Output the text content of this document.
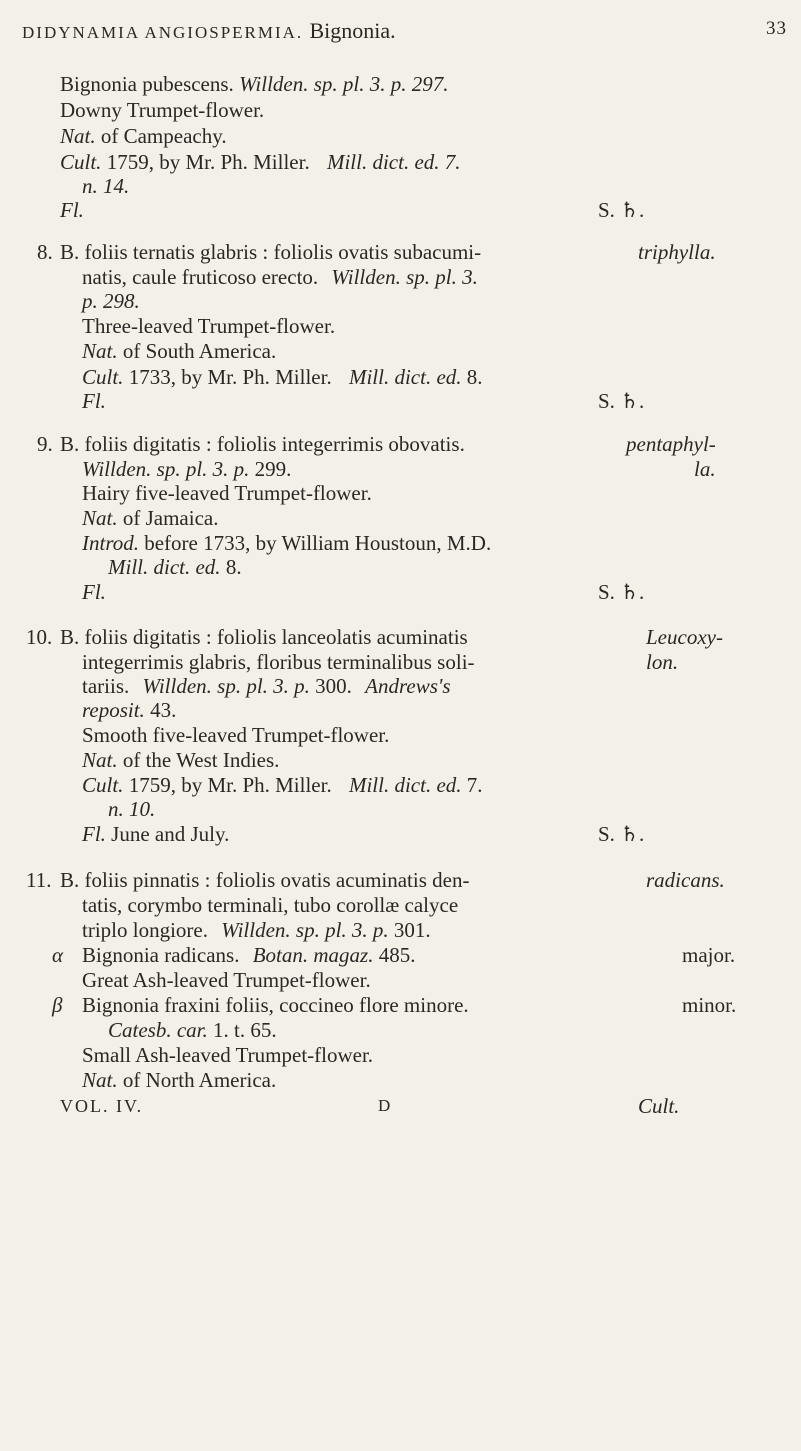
DIDYNAMIA ANGIOSPERMIA. Bignonia.	33
Bignonia pubescens. Willden. sp. pl. 3. p. 297.
Downy Trumpet-flower.
Nat. of Campeachy.
Cult. 1759, by Mr. Ph. Miller. Mill. dict. ed. 7.
n. 14.
Fl.	S. ♄.
8. B. foliis ternatis glabris : foliolis ovatis subacumi-	triphylla.
natis, caule fruticoso erecto. Willden. sp. pl. 3.
p. 298.
Three-leaved Trumpet-flower.
Nat. of South America.
Cult. 1733, by Mr. Ph. Miller. Mill. dict. ed. 8.
Fl.	S. ♄.
9. B. foliis digitatis : foliolis integerrimis obovatis.	pentaphyl-
Willden. sp. pl. 3. p. 299.	la.
Hairy five-leaved Trumpet-flower.
Nat. of Jamaica.
Introd. before 1733, by William Houstoun, M.D.
Mill. dict. ed. 8.
Fl.	S. ♄.
10. B. foliis digitatis : foliolis lanceolatis acuminatis	Leucoxy-
integerrimis glabris, floribus terminalibus soli-	lon.
tariis. Willden. sp. pl. 3. p. 300. Andrews's
reposit. 43.
Smooth five-leaved Trumpet-flower.
Nat. of the West Indies.
Cult. 1759, by Mr. Ph. Miller. Mill. dict. ed. 7.
n. 10.
Fl. June and July.	S. ♄.
11. B. foliis pinnatis : foliolis ovatis acuminatis den-	radicans.
tatis, corymbo terminali, tubo corollæ calyce
triplo longiore. Willden. sp. pl. 3. p. 301.
α Bignonia radicans. Botan. magaz. 485.	major.
Great Ash-leaved Trumpet-flower.
β Bignonia fraxini foliis, coccineo flore minore.	minor.
Catesb. car. 1. t. 65.
Small Ash-leaved Trumpet-flower.
Nat. of North America.
VOL. IV.	D	Cult.
